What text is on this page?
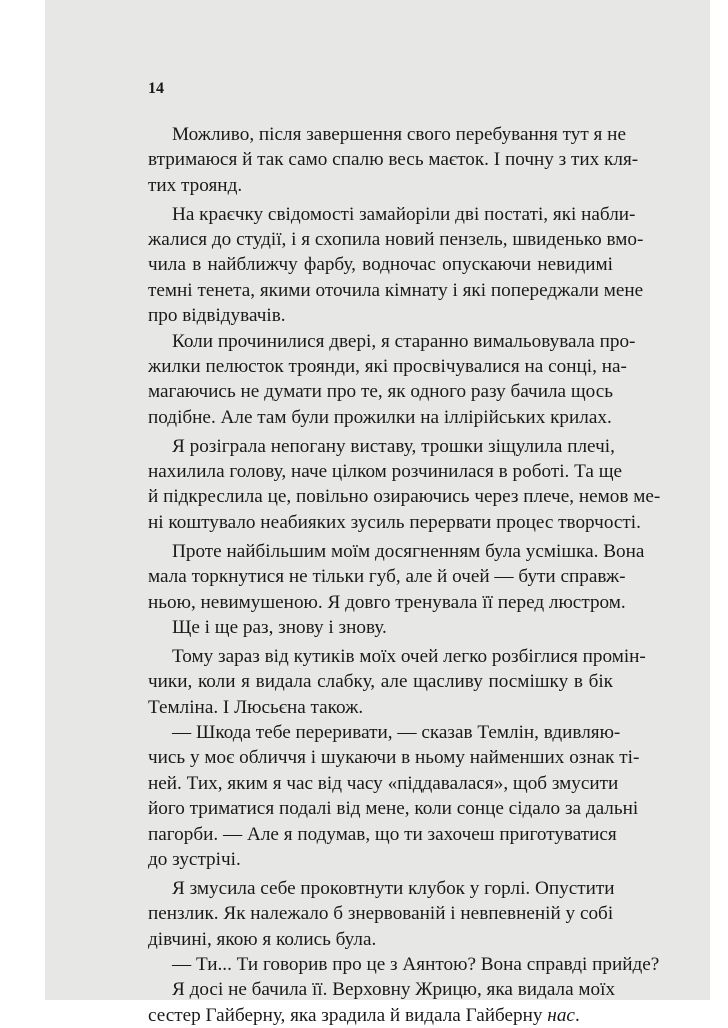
14
Можливо, після завершення свого перебування тут я не
втримаюся й так само спалю весь маєток. І почну з тих кля-
тих троянд.
На краєчку свідомості замайоріли дві постаті, які набли-
жалися до студії, і я схопила новий пензель, швиденько вмо-
чила в найближчу фарбу, водночас опускаючи невидимі
темні тенета, якими оточила кімнату і які попереджали мене
про відвідувачів.
Коли прочинилися двері, я старанно вимальовувала про-
жилки пелюсток троянди, які просвічувалися на сонці, на-
магаючись не думати про те, як одного разу бачила щось
подібне. Але там були прожилки на іллірійських крилах.
Я розіграла непогану виставу, трошки зіщулила плечі,
нахилила голову, наче цілком розчинилася в роботі. Та ще
й підкреслила це, повільно озираючись через плече, немов ме-
ні коштувало неабияких зусиль перервати процес творчості.
Проте найбільшим моїм досягненням була усмішка. Вона
мала торкнутися не тільки губ, але й очей — бути справж-
ньою, невимушеною. Я довго тренувала її перед люстром.
Ще і ще раз, знову і знову.
Тому зараз від кутиків моїх очей легко розбіглися промін-
чики, коли я видала слабку, але щасливу посмішку в бік
Темліна. І Люсьєна також.
— Шкода тебе переривати, — сказав Темлін, вдивляю-
чись у моє обличчя і шукаючи в ньому найменших ознак ті-
ней. Тих, яким я час від часу «піддавалася», щоб змусити
його триматися подалі від мене, коли сонце сідало за дальні
пагорби. — Але я подумав, що ти захочеш приготуватися
до зустрічі.
Я змусила себе проковтнути клубок у горлі. Опустити
пензлик. Як належало б знервованій і невпевненій у собі
дівчині, якою я колись була.
— Ти... Ти говорив про це з Аянтою? Вона справді прийде?
Я досі не бачила її. Верховну Жрицю, яка видала моїх
сестер Гайберну, яка зрадила й видала Гайберну нас.
